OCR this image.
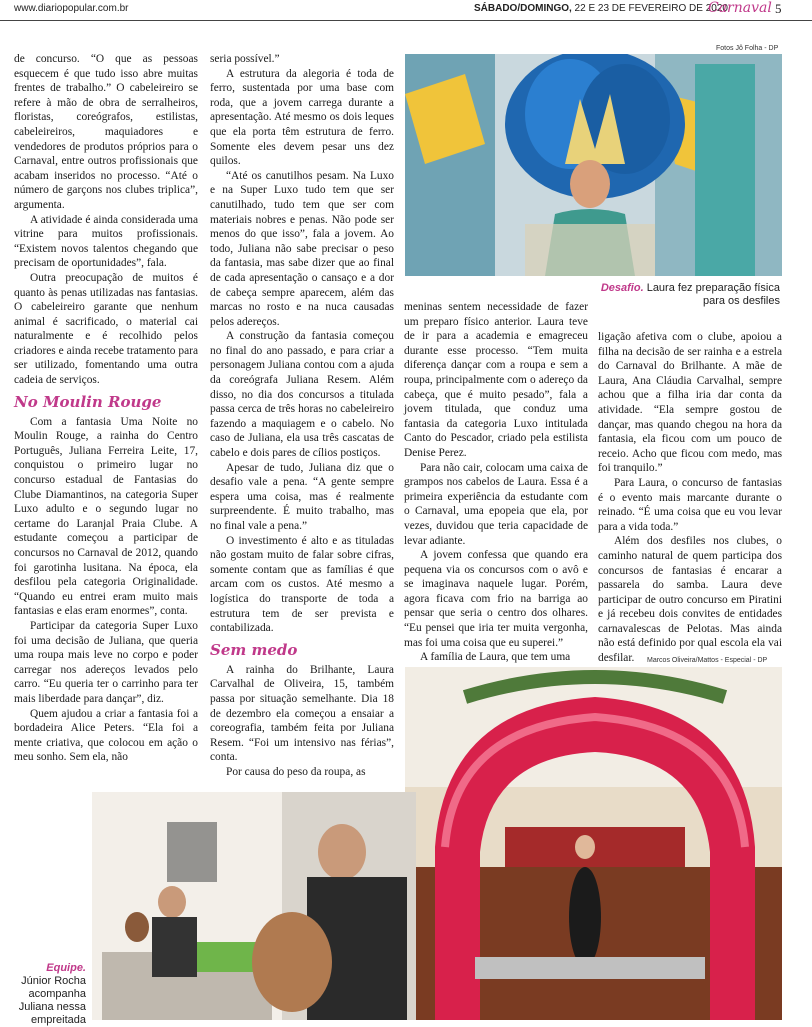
www.diariopopular.com.br	SÁBADO/DOMINGO, 22 E 23 DE FEVEREIRO DE 2020
Carnaval 5

de concurso. “O que as pessoas esquecem é que tudo isso abre muitas frentes de trabalho.” O cabeleireiro se refere à mão de obra de serralheiros, floristas, coreógrafos, estilistas, cabeleireiros, maquiadores e vendedores de produtos próprios para o Carnaval, entre outros profissionais que acabam inseridos no processo. “Até o número de garçons nos clubes triplica”, argumenta.

A atividade é ainda considerada uma vitrine para muitos profissionais. “Existem novos talentos chegando que precisam de oportunidades”, fala.

Outra preocupação de muitos é quanto às penas utilizadas nas fantasias. O cabeleireiro garante que nenhum animal é sacrificado, o material cai naturalmente e é recolhido pelos criadores e ainda recebe tratamento para ser utilizado, fomentando uma outra cadeia de serviços.

No Moulin Rouge

Com a fantasia Uma Noite no Moulin Rouge, a rainha do Centro Português, Juliana Ferreira Leite, 17, conquistou o primeiro lugar no concurso estadual de Fantasias do Clube Diamantinos, na categoria Super Luxo adulto e o segundo lugar no certame do Laranjal Praia Clube. A estudante começou a participar de concursos no Carnaval de 2012, quando foi garotinha lusitana. Na época, ela desfilou pela categoria Originalidade. “Quando eu entrei eram muito mais fantasias e elas eram enormes”, conta.

Participar da categoria Super Luxo foi uma decisão de Juliana, que queria uma roupa mais leve no corpo e poder carregar nos adereços levados pelo carro. “Eu queria ter o carrinho para ter mais liberdade para dançar”, diz.

Quem ajudou a criar a fantasia foi a bordadeira Alice Peters. “Ela foi a mente criativa, que colocou em ação o meu sonho. Sem ela, não

seria possível.”

A estrutura da alegoria é toda de ferro, sustentada por uma base com roda, que a jovem carrega durante a apresentação. Até mesmo os dois leques que ela porta têm estrutura de ferro. Somente eles devem pesar uns dez quilos.

“Até os canutilhos pesam. Na Luxo e na Super Luxo tudo tem que ser canutilhado, tudo tem que ser com materiais nobres e penas. Não pode ser menos do que isso”, fala a jovem. Ao todo, Juliana não sabe precisar o peso da fantasia, mas sabe dizer que ao final de cada apresentação o cansaço e a dor de cabeça sempre aparecem, além das marcas no rosto e na nuca causadas pelos adereços.

A construção da fantasia começou no final do ano passado, e para criar a personagem Juliana contou com a ajuda da coreógrafa Juliana Resem. Além disso, no dia dos concursos a titulada passa cerca de três horas no cabeleireiro fazendo a maquiagem e o cabelo. No caso de Juliana, ela usa três cascatas de cabelo e dois pares de cílios postiços.

Apesar de tudo, Juliana diz que o desafio vale a pena. “A gente sempre espera uma coisa, mas é realmente surpreendente. É muito trabalho, mas no final vale a pena.”

O investimento é alto e as tituladas não gostam muito de falar sobre cifras, somente contam que as famílias é que arcam com os custos. Até mesmo a logística do transporte de toda a estrutura tem de ser prevista e contabilizada.

Sem medo

A rainha do Brilhante, Laura Carvalhal de Oliveira, 15, também passa por situação semelhante. Dia 18 de dezembro ela começou a ensaiar a coreografia, também feita por Juliana Resem. “Foi um intensivo nas férias”, conta.

Por causa do peso da roupa, as

meninas sentem necessidade de fazer um preparo físico anterior. Laura teve de ir para a academia e emagreceu durante esse processo. “Tem muita diferença dançar com a roupa e sem a roupa, principalmente com o adereço da cabeça, que é muito pesado”, fala a jovem titulada, que conduz uma fantasia da categoria Luxo intitulada Canto do Pescador, criado pela estilista Denise Perez.

Para não cair, colocam uma caixa de grampos nos cabelos de Laura. Essa é a primeira experiência da estudante com o Carnaval, uma epopeia que ela, por vezes, duvidou que teria capacidade de levar adiante.

A jovem confessa que quando era pequena via os concursos com o avô e se imaginava naquele lugar. Porém, agora ficava com frio na barriga ao pensar que seria o centro dos olhares. “Eu pensei que iria ter muita vergonha, mas foi uma coisa que eu superei.”

A família de Laura, que tem uma

ligação afetiva com o clube, apoiou a filha na decisão de ser rainha e a estrela do Carnaval do Brilhante. A mãe de Laura, Ana Cláudia Carvalhal, sempre achou que a filha iria dar conta da atividade. “Ela sempre gostou de dançar, mas quando chegou na hora da fantasia, ela ficou com um pouco de receio. Acho que ficou com medo, mas foi tranquilo.”

Para Laura, o concurso de fantasias é o evento mais marcante durante o reinado. “É uma coisa que eu vou levar para a vida toda.”

Além dos desfiles nos clubes, o caminho natural de quem participa dos concursos de fantasias é encarar a passarela do samba. Laura deve participar de outro concurso em Piratini e já recebeu dois convites de entidades carnavalescas de Pelotas. Mas ainda não está definido por qual escola ela vai desfilar.

Fotos Jô Folha - DP
Desafio. Laura fez preparação física para os desfiles
Marcos Oliveira/Mattos - Especial - DP
Equipe.
Júnior Rocha acompanha Juliana nessa empreitada
